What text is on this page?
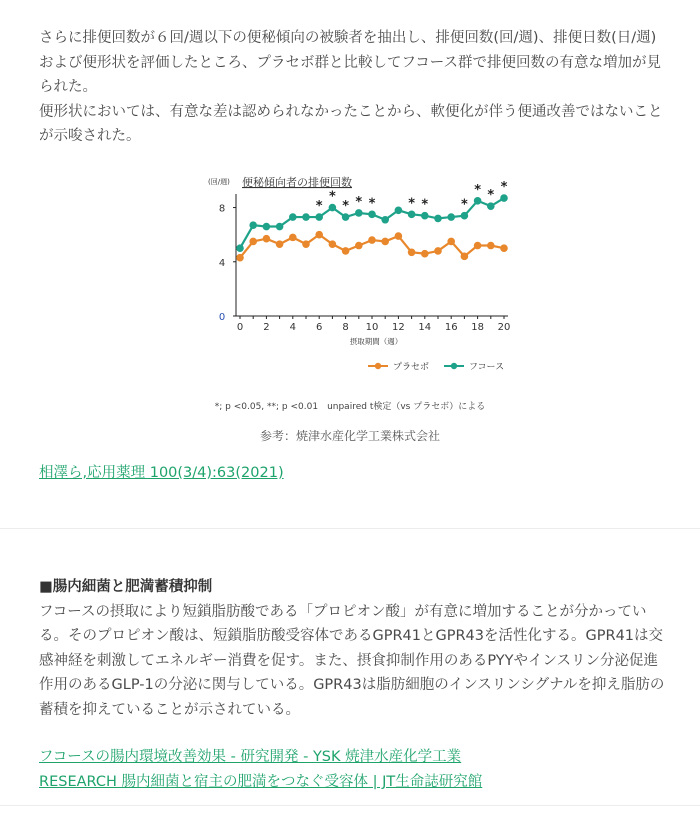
さらに排便回数が６回/週以下の便秘傾向の被験者を抽出し、排便回数(回/週)、排便日数(日/週)および便形状を評価したところ、プラセボ群と比較してフコース群で排便回数の有意な増加が見られた。

便形状においては、有意な差は認められなかったことから、軟便化が伴う便通改善ではないことが示唆された。

(回/週) 便秘傾向者の排便回数
0
4
8
0 2 4 6 8 10 12 14 16 18 20
*
*
* * *	* *	*
* *
*
摂取期間（週）
プラセボ	フコース
*; p <0.05, **; p <0.01　unpaired t検定（vs プラセボ）による
参考：焼津水産化学工業株式会社
相澤ら,応用薬理 100(3/4):63(2021)

■腸内細菌と肥満蓄積抑制

フコースの摂取により短鎖脂肪酸である「プロピオン酸」が有意に増加することが分かっている。そのプロピオン酸は、短鎖脂肪酸受容体であるGPR41とGPR43を活性化する。GPR41は交感神経を刺激してエネルギー消費を促す。また、摂食抑制作用のあるPYYやインスリン分泌促進作用のあるGLP-1の分泌に関与している。GPR43は脂肪細胞のインスリンシグナルを抑え脂肪の蓄積を抑えていることが示されている。

フコースの腸内環境改善効果 - 研究開発 - YSK 焼津水産化学工業
RESEARCH 腸内細菌と宿主の肥満をつなぐ受容体 | JT生命誌研究館
